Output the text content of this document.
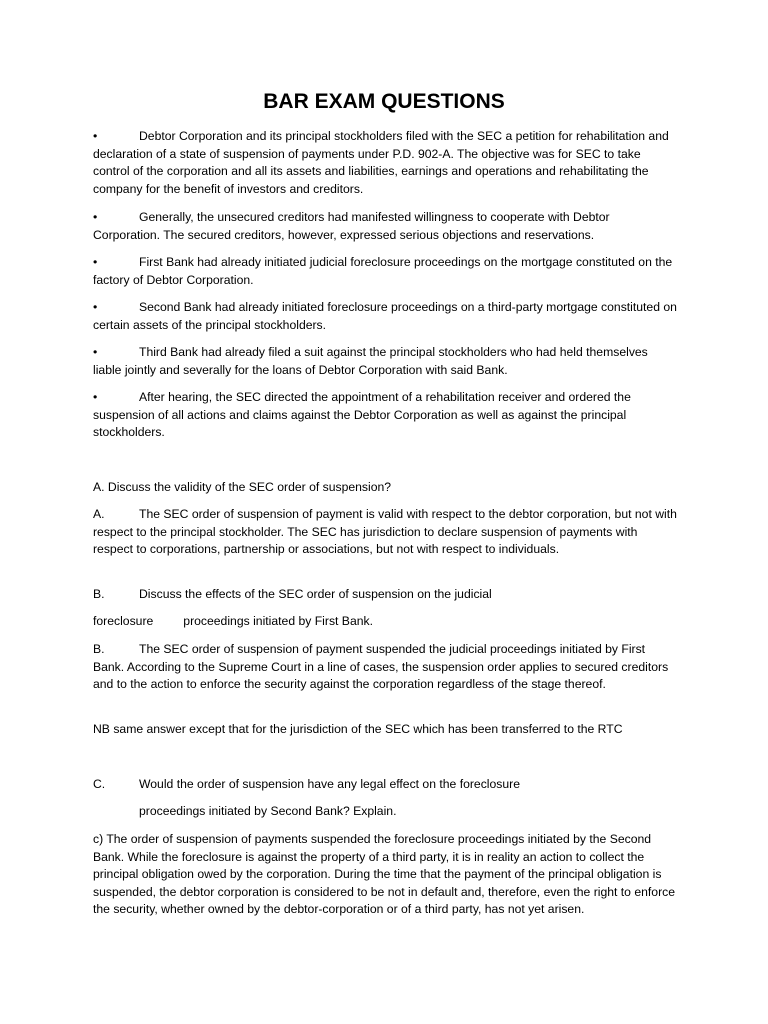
BAR EXAM QUESTIONS

•	Debtor Corporation and its principal stockholders filed with the SEC a petition for rehabilitation and declaration of a state of suspension of payments under P.D. 902-A. The objective was for SEC to take control of the corporation and all its assets and liabilities, earnings and operations and rehabilitating the company for the benefit of investors and creditors.

•	Generally, the unsecured creditors had manifested willingness to cooperate with Debtor Corporation. The secured creditors, however, expressed serious objections and reservations.

•	First Bank had already initiated judicial foreclosure proceedings on the mortgage constituted on the factory of Debtor Corporation.

•	Second Bank had already initiated foreclosure proceedings on a third-party mortgage constituted on certain assets of the principal stockholders.

•	Third Bank had already filed a suit against the principal stockholders who had held themselves liable jointly and severally for the loans of Debtor Corporation with said Bank.

•	After hearing, the SEC directed the appointment of a rehabilitation receiver and ordered the suspension of all actions and claims against the Debtor Corporation as well as against the principal stockholders.

A. Discuss the validity of the SEC order of suspension?

A.	The SEC order of suspension of payment is valid with respect to the debtor corporation, but not with respect to the principal stockholder. The SEC has jurisdiction to declare suspension of payments with respect to corporations, partnership or associations, but not with respect to individuals.

B.	Discuss the effects of the SEC order of suspension on the judicial

foreclosure proceedings initiated by First Bank.

B.	The SEC order of suspension of payment suspended the judicial proceedings initiated by First Bank. According to the Supreme Court in a line of cases, the suspension order applies to secured creditors and to the action to enforce the security against the corporation regardless of the stage thereof.

NB same answer except that for the jurisdiction of the SEC which has been transferred to the RTC

C.	Would the order of suspension have any legal effect on the foreclosure

proceedings initiated by Second Bank? Explain.

c) The order of suspension of payments suspended the foreclosure proceedings initiated by the Second Bank. While the foreclosure is against the property of a third party, it is in reality an action to collect the principal obligation owed by the corporation. During the time that the payment of the principal obligation is suspended, the debtor corporation is considered to be not in default and, therefore, even the right to enforce the security, whether owned by the debtor-corporation or of a third party, has not yet arisen.
